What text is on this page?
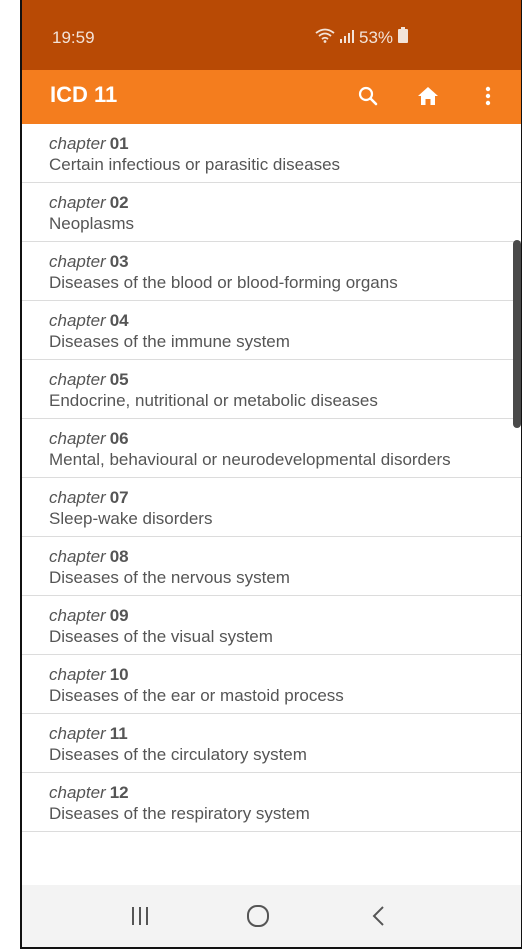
19:59	53%
ICD 11
chapter 01
Certain infectious or parasitic diseases
chapter 02
Neoplasms
chapter 03
Diseases of the blood or blood-forming organs
chapter 04
Diseases of the immune system
chapter 05
Endocrine, nutritional or metabolic diseases
chapter 06
Mental, behavioural or neurodevelopmental disorders
chapter 07
Sleep-wake disorders
chapter 08
Diseases of the nervous system
chapter 09
Diseases of the visual system
chapter 10
Diseases of the ear or mastoid process
chapter 11
Diseases of the circulatory system
chapter 12
Diseases of the respiratory system
